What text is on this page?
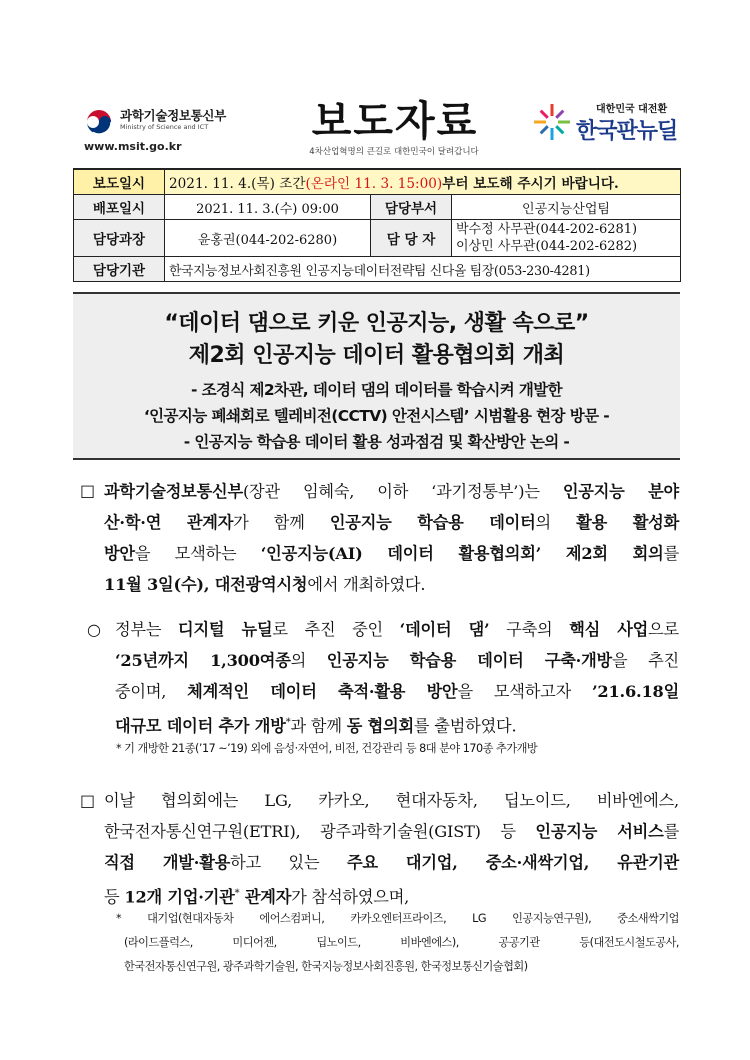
과학기술정보통신부
Ministry of Science and ICT
www.msit.go.kr
보도자료
4차산업혁명의 큰길로 대한민국이 달려갑니다
대한민국 대전환
한국판뉴딜
보도일시	2021. 11. 4.(목) 조간(온라인 11. 3. 15:00)부터 보도해 주시기 바랍니다.		
배포일시	2021. 11. 3.(수) 09:00	담당부서	인공지능산업팀
담당과장	윤홍권(044-202-6280)	담 당 자	박수정 사무관(044-202-6281)
이상민 사무관(044-202-6282)

담당기관	한국지능정보사회진흥원 인공지능데이터전략팀 신다올 팀장(053-230-4281)		
“데이터 댐으로 키운 인공지능, 생활 속으로”
제2회 인공지능 데이터 활용협의회 개최
- 조경식 제2차관, 데이터 댐의 데이터를 학습시켜 개발한
‘인공지능 폐쇄회로 텔레비전(CCTV) 안전시스템’ 시범활용 현장 방문 -
- 인공지능 학습용 데이터 활용 성과점검 및 확산방안 논의 -
□ 과학기술정보통신부(장관 임혜숙, 이하 ‘과기정통부’)는 인공지능 분야
산·학·연 관계자가 함께 인공지능 학습용 데이터의 활용 활성화
방안을 모색하는 ‘인공지능(AI) 데이터 활용협의회’ 제2회 회의를
11월 3일(수), 대전광역시청에서 개최하였다.
○ 정부는 디지털 뉴딜로 추진 중인 ‘데이터 댐’ 구축의 핵심 사업으로
‘25년까지 1,300여종의 인공지능 학습용 데이터 구축·개방을 추진
중이며, 체계적인 데이터 축적·활용 방안을 모색하고자 ’21.6.18일
대규모 데이터 추가 개방*과 함께 동 협의회를 출범하였다.
* 기 개방한 21종(’17 ~’19) 외에 음성·자연어, 비전, 건강관리 등 8대 분야 170종 추가개방
□ 이날 협의회에는 LG, 카카오, 현대자동차, 딥노이드, 비바엔에스,
한국전자통신연구원(ETRI), 광주과학기술원(GIST) 등 인공지능 서비스를
직접 개발·활용하고 있는 주요 대기업, 중소·새싹기업, 유관기관
등 12개 기업·기관* 관계자가 참석하였으며,
* 대기업(현대자동차 에어스컴퍼니, 카카오엔터프라이즈, LG 인공지능연구원), 중소새싹기업
(라이드플럭스, 미디어젠, 딥노이드, 비바엔에스), 공공기관 등(대전도시철도공사,
한국전자통신연구원, 광주과학기술원, 한국지능정보사회진흥원, 한국정보통신기술협회)
